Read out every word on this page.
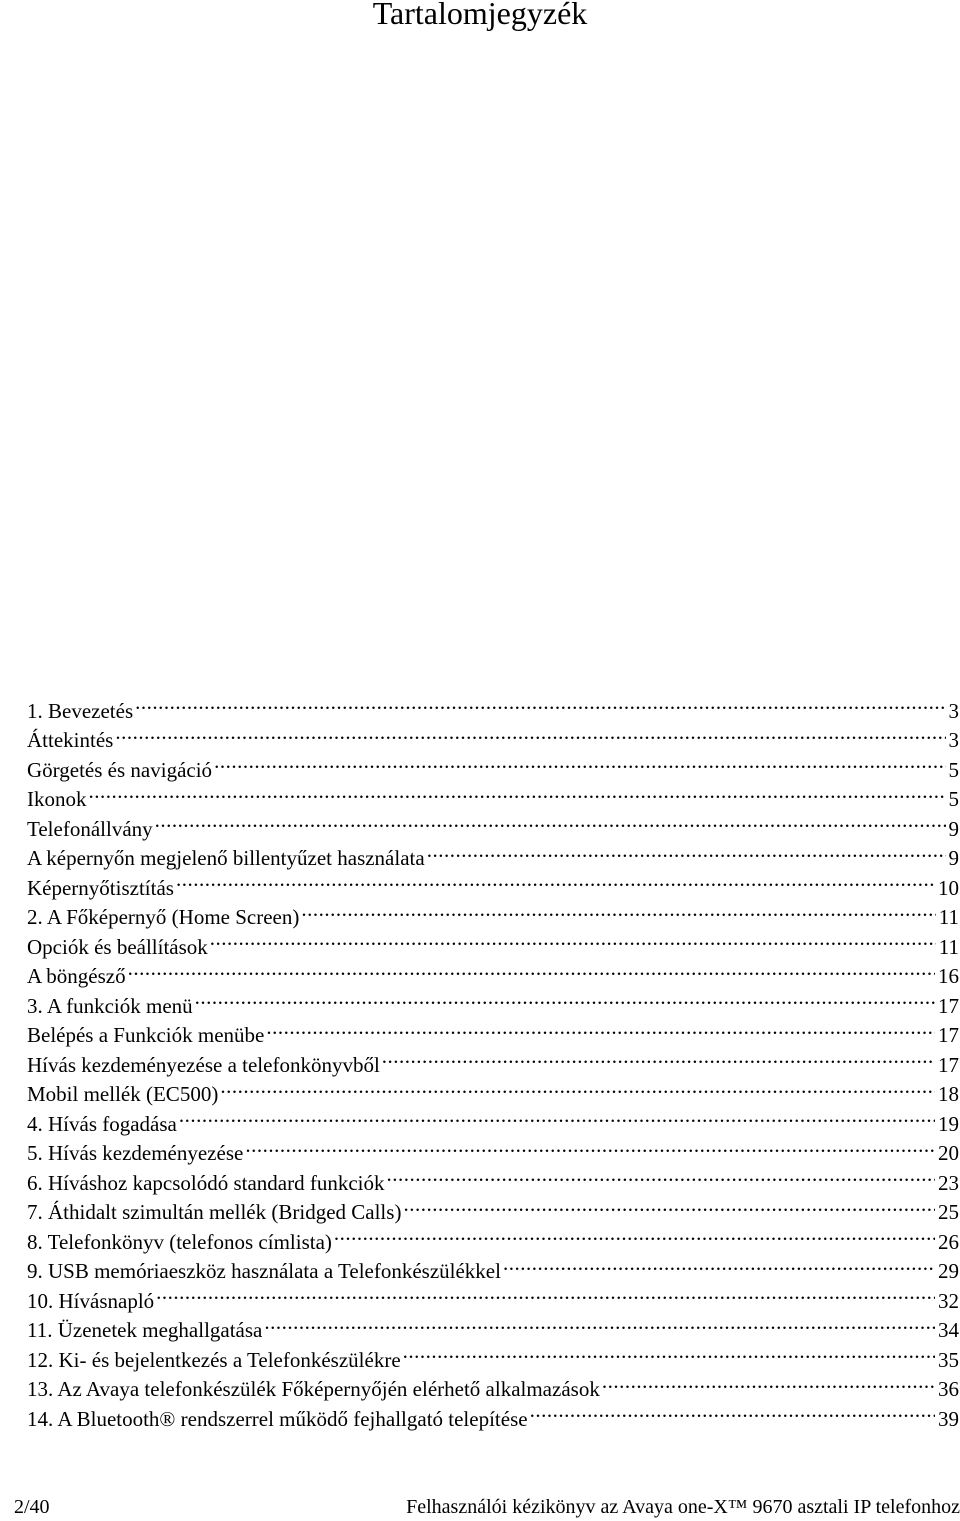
Tartalomjegyzék
1. Bevezetés .....	3
Áttekintés .....	3
Görgetés és navigáció .....	5
Ikonok .....	5
Telefonállvány .....	9
A képernyőn megjelenő billentyűzet használata .....	9
Képernyőtisztítás .....	10
2. A Főképernyő (Home Screen) .....	11
Opciók és beállítások .....	11
A böngésző .....	16
3. A funkciók menü .....	17
Belépés a Funkciók menübe .....	17
Hívás kezdeményezése a telefonkönyvből .....	17
Mobil mellék (EC500) .....	18
4. Hívás fogadása .....	19
5. Hívás kezdeményezése .....	20
6. Híváshoz kapcsolódó standard funkciók .....	23
7. Áthidalt szimultán mellék (Bridged Calls) .....	25
8. Telefonkönyv (telefonos címlista) .....	26
9. USB memóriaeszköz használata a Telefonkészülékkel .....	29
10. Hívásnapló .....	32
11. Üzenetek meghallgatása .....	34
12. Ki- és bejelentkezés a Telefonkészülékre .....	35
13. Az Avaya telefonkészülék Főképernyőjén elérhető alkalmazások .....	36
14. A Bluetooth® rendszerrel működő fejhallgató telepítése .....	39
2/40	Felhasználói kézikönyv az Avaya one-X™ 9670 asztali IP telefonhoz
